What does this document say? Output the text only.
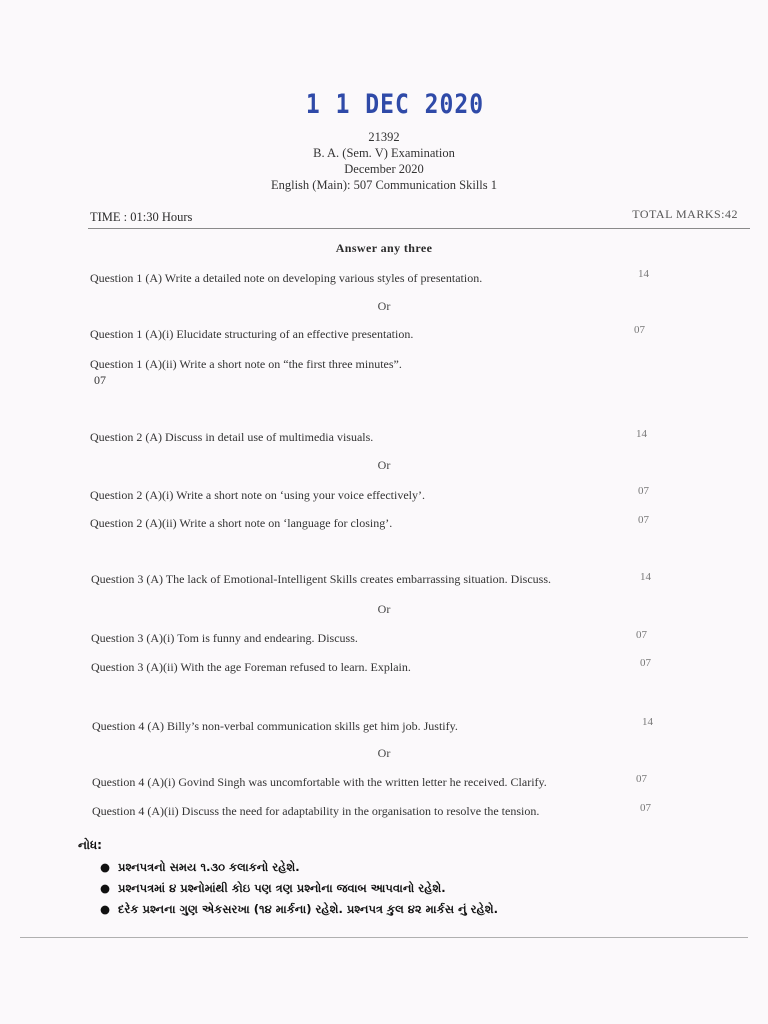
1 1 DEC 2020
21392
B. A. (Sem. V) Examination
December 2020
English (Main): 507 Communication Skills 1
TIME : 01:30 Hours	TOTAL MARKS:42
Answer any three
Question 1 (A) Write a detailed note on developing various styles of presentation.	14
Or
Question 1 (A)(i) Elucidate structuring of an effective presentation.	07
Question 1 (A)(ii) Write a short note on “the first three minutes”.
07
Question 2 (A) Discuss in detail use of multimedia visuals.	14
Or
Question 2 (A)(i) Write a short note on ‘using your voice effectively’.	07
Question 2 (A)(ii) Write a short note on ‘language for closing’.	07
Question 3 (A) The lack of Emotional-Intelligent Skills creates embarrassing situation. Discuss.	14
Or
Question 3 (A)(i) Tom is funny and endearing. Discuss.	07
Question 3 (A)(ii) With the age Foreman refused to learn. Explain.	07
Question 4 (A) Billy’s non-verbal communication skills get him job. Justify.	14
Or
Question 4 (A)(i) Govind Singh was uncomfortable with the written letter he received. Clarify.	07
Question 4 (A)(ii) Discuss the need for adaptability in the organisation to resolve the tension.	07
નોધ:
● પ્રશ્નપત્રનો સમય ૧.૩૦ કલાકનો રહેશે.
● પ્રશ્નપત્રમાં ૪ પ્રશ્નોમાંથી કોઇ પણ ત્રણ પ્રશ્નોના જવાબ આપવાનો રહેશે.
● દરેક પ્રશ્નના ગુણ એકસરખા (૧૪ માર્કના) રહેશે. પ્રશ્નપત્ર કુલ ૪૨ માર્કસ નું રહેશે.
